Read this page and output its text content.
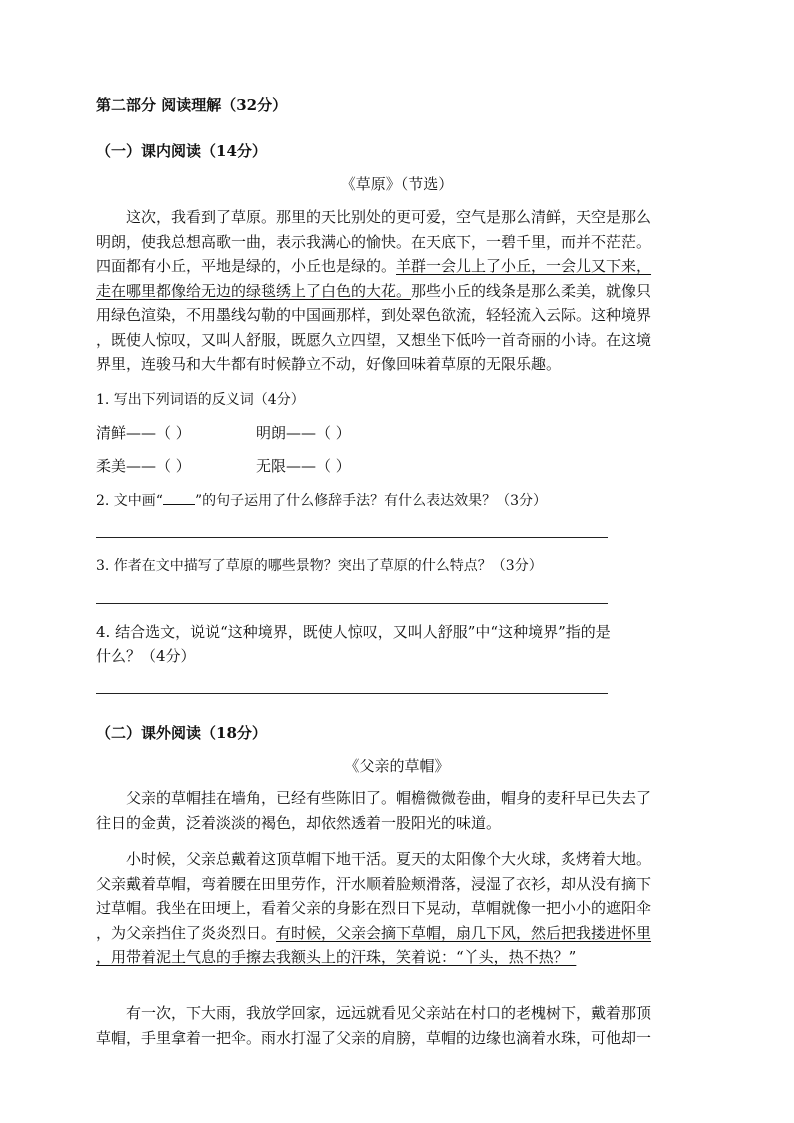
第二部分 阅读理解（32分）
（一）课内阅读（14分）
《草原》（节选）
这次，我看到了草原。那里的天比别处的更可爱，空气是那么清鲜，天空是那么
明朗，使我总想高歌一曲，表示我满心的愉快。在天底下，一碧千里，而并不茫茫。
四面都有小丘，平地是绿的，小丘也是绿的。羊群一会儿上了小丘，一会儿又下来，
走在哪里都像给无边的绿毯绣上了白色的大花。那些小丘的线条是那么柔美，就像只
用绿色渲染，不用墨线勾勒的中国画那样，到处翠色欲流，轻轻流入云际。这种境界
，既使人惊叹，又叫人舒服，既愿久立四望，又想坐下低吟一首奇丽的小诗。在这境
界里，连骏马和大牛都有时候静立不动，好像回味着草原的无限乐趣。
1. 写出下列词语的反义词（4分）
清鲜——（ ）	明朗——（ ）
柔美——（ ）	无限——（ ）
2. 文中画“ ”的句子运用了什么修辞手法？有什么表达效果？（3分）
3. 作者在文中描写了草原的哪些景物？突出了草原的什么特点？（3分）
4. 结合选文，说说“这种境界，既使人惊叹，又叫人舒服”中“这种境界”指的是
什么？（4分）
（二）课外阅读（18分）
《父亲的草帽》
父亲的草帽挂在墙角，已经有些陈旧了。帽檐微微卷曲，帽身的麦秆早已失去了
往日的金黄，泛着淡淡的褐色，却依然透着一股阳光的味道。
小时候，父亲总戴着这顶草帽下地干活。夏天的太阳像个大火球，炙烤着大地。
父亲戴着草帽，弯着腰在田里劳作，汗水顺着脸颊滑落，浸湿了衣衫，却从没有摘下
过草帽。我坐在田埂上，看着父亲的身影在烈日下晃动，草帽就像一把小小的遮阳伞
，为父亲挡住了炎炎烈日。有时候，父亲会摘下草帽，扇几下风，然后把我搂进怀里
，用带着泥土气息的手擦去我额头上的汗珠，笑着说：“丫头，热不热？”
有一次，下大雨，我放学回家，远远就看见父亲站在村口的老槐树下，戴着那顶
草帽，手里拿着一把伞。雨水打湿了父亲的肩膀，草帽的边缘也滴着水珠，可他却一
